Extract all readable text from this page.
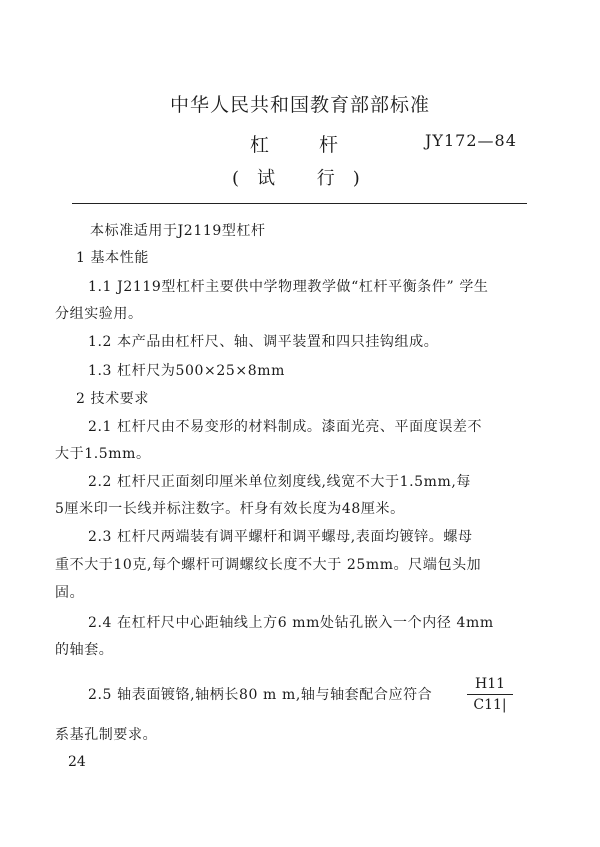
中华人民共和国教育部部标准
杠 杆	JY172—84
(试 行)
本标准适用于J2119型杠杆
1 基本性能
1.1 J2119型杠杆主要供中学物理教学做“杠杆平衡条件” 学生
分组实验用。
1.2 本产品由杠杆尺、轴、调平装置和四只挂钩组成。
1.3 杠杆尺为500×25×8mm
2 技术要求
2.1 杠杆尺由不易变形的材料制成。漆面光亮、平面度误差不
大于1.5mm。
2.2 杠杆尺正面刻印厘米单位刻度线,线宽不大于1.5mm,每
5厘米印一长线并标注数字。杆身有效长度为48厘米。
2.3 杠杆尺两端装有调平螺杆和调平螺母,表面均镀锌。螺母
重不大于10克,每个螺杆可调螺纹长度不大于 25mm。尺端包头加
固。
2.4 在杠杆尺中心距轴线上方6 mm处钻孔嵌入一个内径 4mm
的轴套。
2.5 轴表面镀铬,轴柄长80 m m,轴与轴套配合应符合
H11
C11|
系基孔制要求。
24
